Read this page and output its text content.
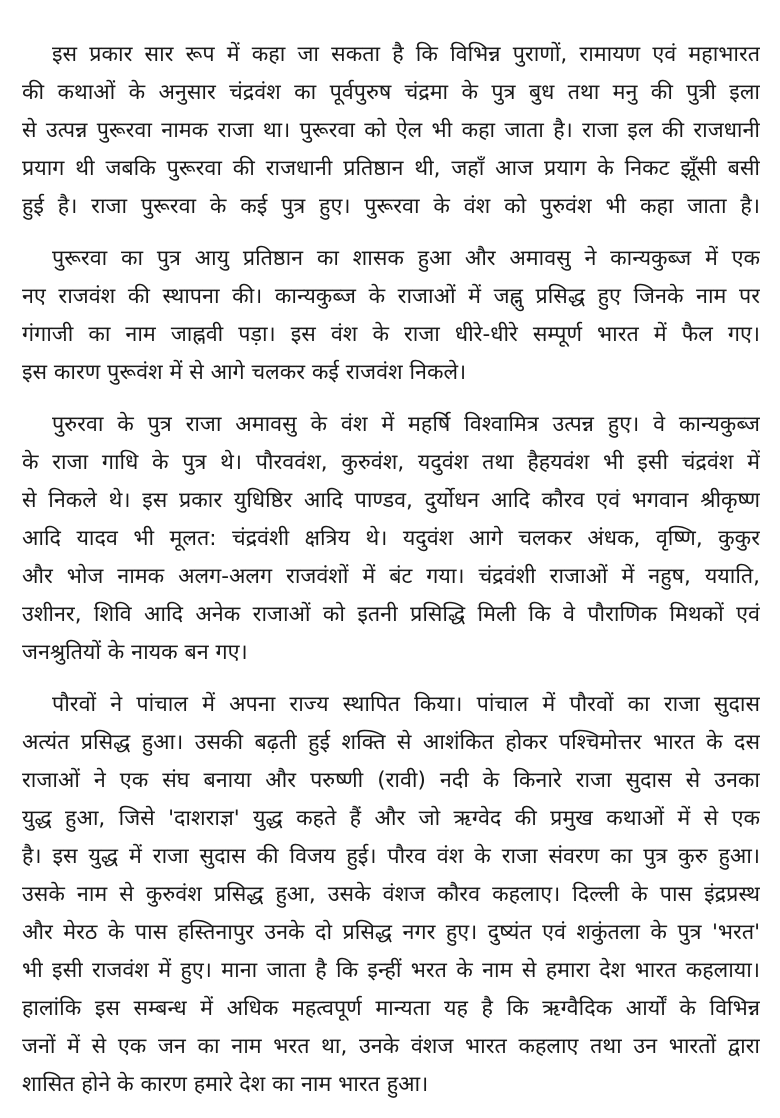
इस प्रकार सार रूप में कहा जा सकता है कि विभिन्न पुराणों, रामायण एवं महाभारत
की कथाओं के अनुसार चंद्रवंश का पूर्वपुरुष चंद्रमा के पुत्र बुध तथा मनु की पुत्री इला
से उत्पन्न पुरूरवा नामक राजा था। पुरूरवा को ऐल भी कहा जाता है। राजा इल की राजधानी
प्रयाग थी जबकि पुरूरवा की राजधानी प्रतिष्ठान थी, जहाँ आज प्रयाग के निकट झूँसी बसी
हुई है। राजा पुरूरवा के कई पुत्र हुए। पुरूरवा के वंश को पुरुवंश भी कहा जाता है।
पुरूरवा का पुत्र आयु प्रतिष्ठान का शासक हुआ और अमावसु ने कान्यकुब्ज में एक
नए राजवंश की स्थापना की। कान्यकुब्ज के राजाओं में जह्नु प्रसिद्ध हुए जिनके नाम पर
गंगाजी का नाम जाह्नवी पड़ा। इस वंश के राजा धीरे-धीरे सम्पूर्ण भारत में फैल गए।
इस कारण पुरूवंश में से आगे चलकर कई राजवंश निकले।
पुरुरवा के पुत्र राजा अमावसु के वंश में महर्षि विश्वामित्र उत्पन्न हुए। वे कान्यकुब्ज
के राजा गाधि के पुत्र थे। पौरववंश, कुरुवंश, यदुवंश तथा हैहयवंश भी इसी चंद्रवंश में
से निकले थे। इस प्रकार युधिष्ठिर आदि पाण्डव, दुर्योधन आदि कौरव एवं भगवान श्रीकृष्ण
आदि यादव भी मूलत: चंद्रवंशी क्षत्रिय थे। यदुवंश आगे चलकर अंधक, वृष्णि, कुकुर
और भोज नामक अलग-अलग राजवंशों में बंट गया। चंद्रवंशी राजाओं में नहुष, ययाति,
उशीनर, शिवि आदि अनेक राजाओं को इतनी प्रसिद्धि मिली कि वे पौराणिक मिथकों एवं
जनश्रुतियों के नायक बन गए।
पौरवों ने पांचाल में अपना राज्य स्थापित किया। पांचाल में पौरवों का राजा सुदास
अत्यंत प्रसिद्ध हुआ। उसकी बढ़ती हुई शक्ति से आशंकित होकर पश्चिमोत्तर भारत के दस
राजाओं ने एक संघ बनाया और परुष्णी (रावी) नदी के किनारे राजा सुदास से उनका
युद्ध हुआ, जिसे 'दाशराज्ञ' युद्ध कहते हैं और जो ऋग्वेद की प्रमुख कथाओं में से एक
है। इस युद्ध में राजा सुदास की विजय हुई। पौरव वंश के राजा संवरण का पुत्र कुरु हुआ।
उसके नाम से कुरुवंश प्रसिद्ध हुआ, उसके वंशज कौरव कहलाए। दिल्ली के पास इंद्रप्रस्थ
और मेरठ के पास हस्तिनापुर उनके दो प्रसिद्ध नगर हुए। दुष्यंत एवं शकुंतला के पुत्र 'भरत'
भी इसी राजवंश में हुए। माना जाता है कि इन्हीं भरत के नाम से हमारा देश भारत कहलाया।
हालांकि इस सम्बन्ध में अधिक महत्वपूर्ण मान्यता यह है कि ऋग्वैदिक आर्यों के विभिन्न
जनों में से एक जन का नाम भरत था, उनके वंशज भारत कहलाए तथा उन भारतों द्वारा
शासित होने के कारण हमारे देश का नाम भारत हुआ।
